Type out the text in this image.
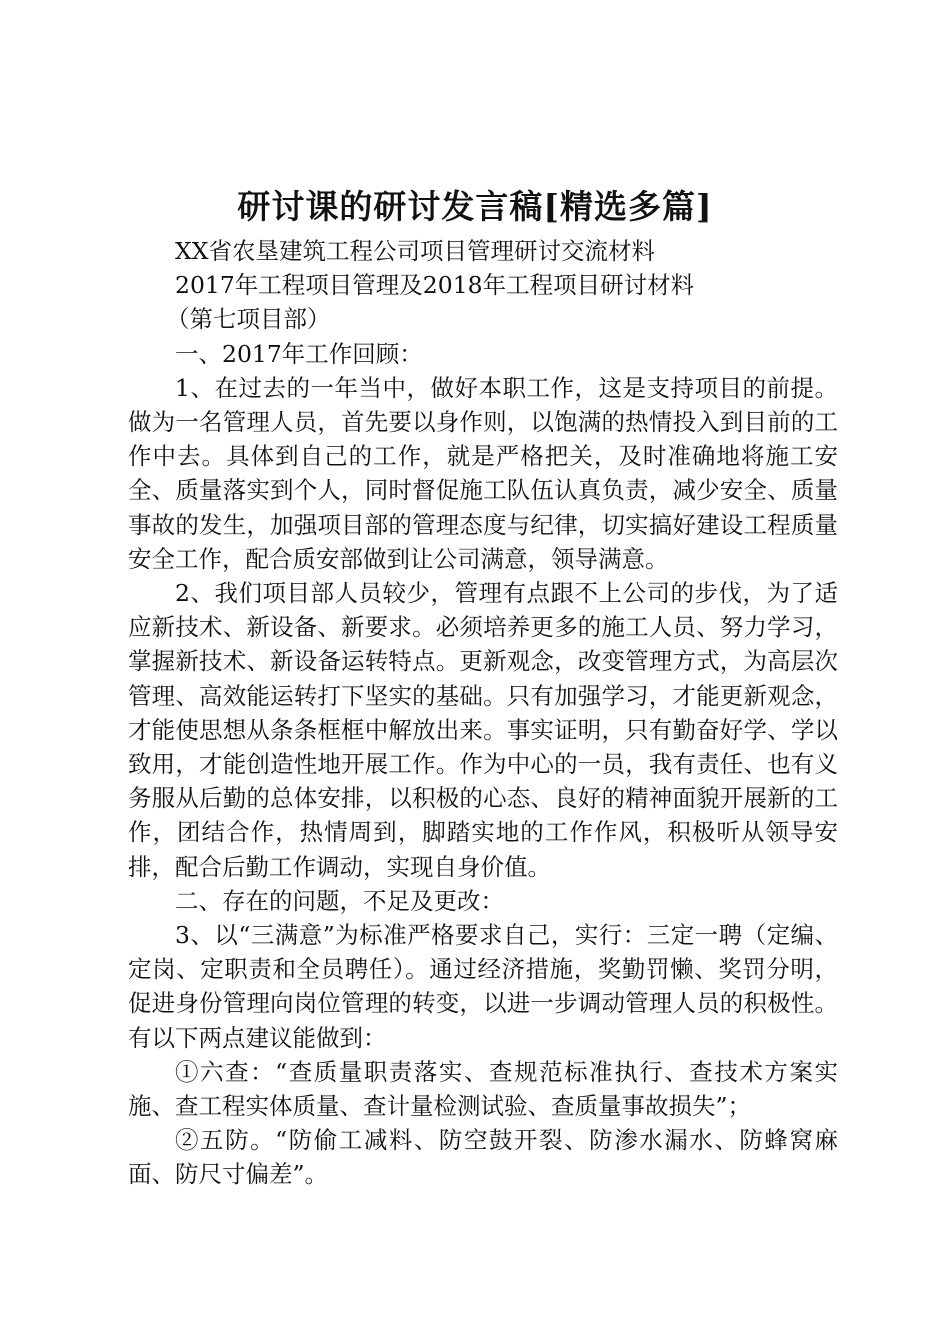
研讨课的研讨发言稿[精选多篇]

XX省农垦建筑工程公司项目管理研讨交流材料

2017年工程项目管理及2018年工程项目研讨材料

（第七项目部）

一、2017年工作回顾：

1、在过去的一年当中，做好本职工作，这是支持项目的前提。做为一名管理人员，首先要以身作则，以饱满的热情投入到目前的工作中去。具体到自己的工作，就是严格把关，及时准确地将施工安全、质量落实到个人，同时督促施工队伍认真负责，减少安全、质量事故的发生，加强项目部的管理态度与纪律，切实搞好建设工程质量安全工作，配合质安部做到让公司满意，领导满意。

2、我们项目部人员较少，管理有点跟不上公司的步伐，为了适应新技术、新设备、新要求。必须培养更多的施工人员、努力学习，掌握新技术、新设备运转特点。更新观念，改变管理方式，为高层次管理、高效能运转打下坚实的基础。只有加强学习，才能更新观念，才能使思想从条条框框中解放出来。事实证明，只有勤奋好学、学以致用，才能创造性地开展工作。作为中心的一员，我有责任、也有义务服从后勤的总体安排，以积极的心态、良好的精神面貌开展新的工作，团结合作，热情周到，脚踏实地的工作作风，积极听从领导安排，配合后勤工作调动，实现自身价值。

二、存在的问题，不足及更改：

3、以“三满意”为标准严格要求自己，实行：三定一聘（定编、定岗、定职责和全员聘任）。通过经济措施，奖勤罚懒、奖罚分明，促进身份管理向岗位管理的转变，以进一步调动管理人员的积极性。有以下两点建议能做到：

①六查：“查质量职责落实、查规范标准执行、查技术方案实施、查工程实体质量、查计量检测试验、查质量事故损失”；

②五防。“防偷工减料、防空鼓开裂、防渗水漏水、防蜂窝麻面、防尺寸偏差”。
